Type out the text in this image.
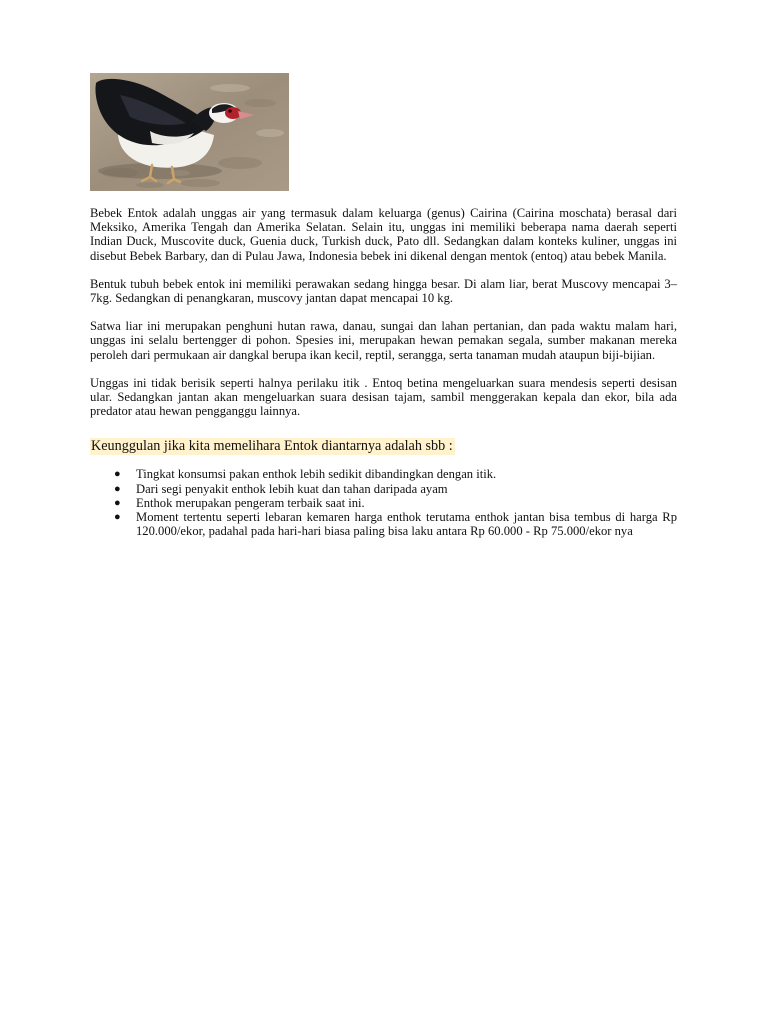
Bebek Entok adalah unggas air yang termasuk dalam keluarga (genus) Cairina (Cairina moschata) berasal dari Meksiko, Amerika Tengah dan Amerika Selatan. Selain itu, unggas ini memiliki beberapa nama daerah seperti Indian Duck, Muscovite duck, Guenia duck, Turkish duck, Pato dll. Sedangkan dalam konteks kuliner, unggas ini disebut Bebek Barbary, dan di Pulau Jawa, Indonesia bebek ini dikenal dengan mentok (entoq) atau bebek Manila.

Bentuk tubuh bebek entok ini memiliki perawakan sedang hingga besar. Di alam liar, berat Muscovy mencapai 3–7kg. Sedangkan di penangkaran, muscovy jantan dapat mencapai 10 kg.

Satwa liar ini merupakan penghuni hutan rawa, danau, sungai dan lahan pertanian, dan pada waktu malam hari, unggas ini selalu bertengger di pohon. Spesies ini, merupakan hewan pemakan segala, sumber makanan mereka peroleh dari permukaan air dangkal berupa ikan kecil, reptil, serangga, serta tanaman mudah ataupun biji-bijian.

Unggas ini tidak berisik seperti halnya perilaku itik . Entoq betina mengeluarkan suara mendesis seperti desisan ular. Sedangkan jantan akan mengeluarkan suara desisan tajam, sambil menggerakan kepala dan ekor, bila ada predator atau hewan pengganggu lainnya.

Keunggulan jika kita memelihara Entok diantarnya adalah sbb :
● Tingkat konsumsi pakan enthok lebih sedikit dibandingkan dengan itik.
● Dari segi penyakit enthok lebih kuat dan tahan daripada ayam
● Enthok merupakan pengeram terbaik saat ini.
● Moment tertentu seperti lebaran kemaren harga enthok terutama enthok jantan bisa tembus di harga Rp 120.000/ekor, padahal pada hari-hari biasa paling bisa laku antara Rp 60.000 - Rp 75.000/ekor nya
